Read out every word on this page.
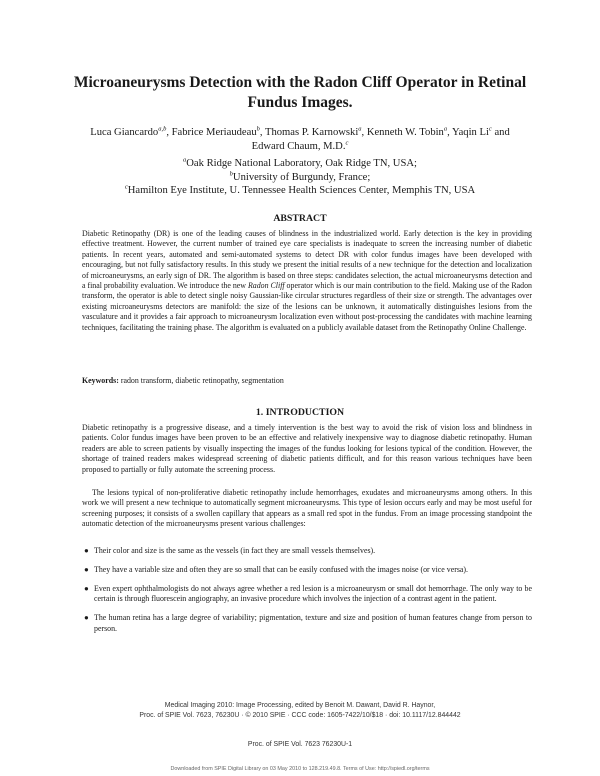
Microaneurysms Detection with the Radon Cliff Operator in Retinal Fundus Images.
Luca Giancardo$^{a,b}$, Fabrice Meriaudeau$^b$, Thomas P. Karnowski$^a$, Kenneth W. Tobin$^a$, Yaqin Li$^c$ and
Edward Chaum, M.D.$^c$
$^a$Oak Ridge National Laboratory, Oak Ridge TN, USA;
$^b$University of Burgundy, France;
$^c$Hamilton Eye Institute, U. Tennessee Health Sciences Center, Memphis TN, USA
ABSTRACT

Diabetic Retinopathy (DR) is one of the leading causes of blindness in the industrialized world. Early detection is the key in providing effective treatment. However, the current number of trained eye care specialists is inadequate to screen the increasing number of diabetic patients. In recent years, automated and semi-automated systems to detect DR with color fundus images have been developed with encouraging, but not fully satisfactory results. In this study we present the initial results of a new technique for the detection and localization of microaneurysms, an early sign of DR. The algorithm is based on three steps: candidates selection, the actual microaneurysms detection and a final probability evaluation. We introduce the new Radon Cliff operator which is our main contribution to the field. Making use of the Radon transform, the operator is able to detect single noisy Gaussian-like circular structures regardless of their size or strength. The advantages over existing microaneurysms detectors are manifold: the size of the lesions can be unknown, it automatically distinguishes lesions from the vasculature and it provides a fair approach to microaneurysm localization even without post-processing the candidates with machine learning techniques, facilitating the training phase. The algorithm is evaluated on a publicly available dataset from the Retinopathy Online Challenge.

Keywords: radon transform, diabetic retinopathy, segmentation

1. INTRODUCTION

Diabetic retinopathy is a progressive disease, and a timely intervention is the best way to avoid the risk of vision loss and blindness in patients. Color fundus images have been proven to be an effective and relatively inexpensive way to diagnose diabetic retinopathy. Human readers are able to screen patients by visually inspecting the images of the fundus looking for lesions typical of the condition. However, the shortage of trained readers makes widespread screening of diabetic patients difficult, and for this reason various techniques have been proposed to partially or fully automate the screening process.

The lesions typical of non-proliferative diabetic retinopathy include hemorrhages, exudates and microaneurysms among others. In this work we will present a new technique to automatically segment microaneurysms. This type of lesion occurs early and may be most useful for screening purposes; it consists of a swollen capillary that appears as a small red spot in the fundus. From an image processing standpoint the automatic detection of the microaneurysms present various challenges:

● Their color and size is the same as the vessels (in fact they are small vessels themselves).
● They have a variable size and often they are so small that can be easily confused with the images noise (or vice versa).
● Even expert ophthalmologists do not always agree whether a red lesion is a microaneurysm or small dot hemorrhage. The only way to be certain is through fluorescein angiography, an invasive procedure which involves the injection of a contrast agent in the patient.
● The human retina has a large degree of variability; pigmentation, texture and size and position of human features change from person to person.
Medical Imaging 2010: Image Processing, edited by Benoit M. Dawant, David R. Haynor,
Proc. of SPIE Vol. 7623, 76230U · © 2010 SPIE · CCC code: 1605-7422/10/$18 · doi: 10.1117/12.844442
Proc. of SPIE Vol. 7623 76230U-1
Downloaded from SPIE Digital Library on 03 May 2010 to 128.219.49.8. Terms of Use: http://spiedl.org/terms
